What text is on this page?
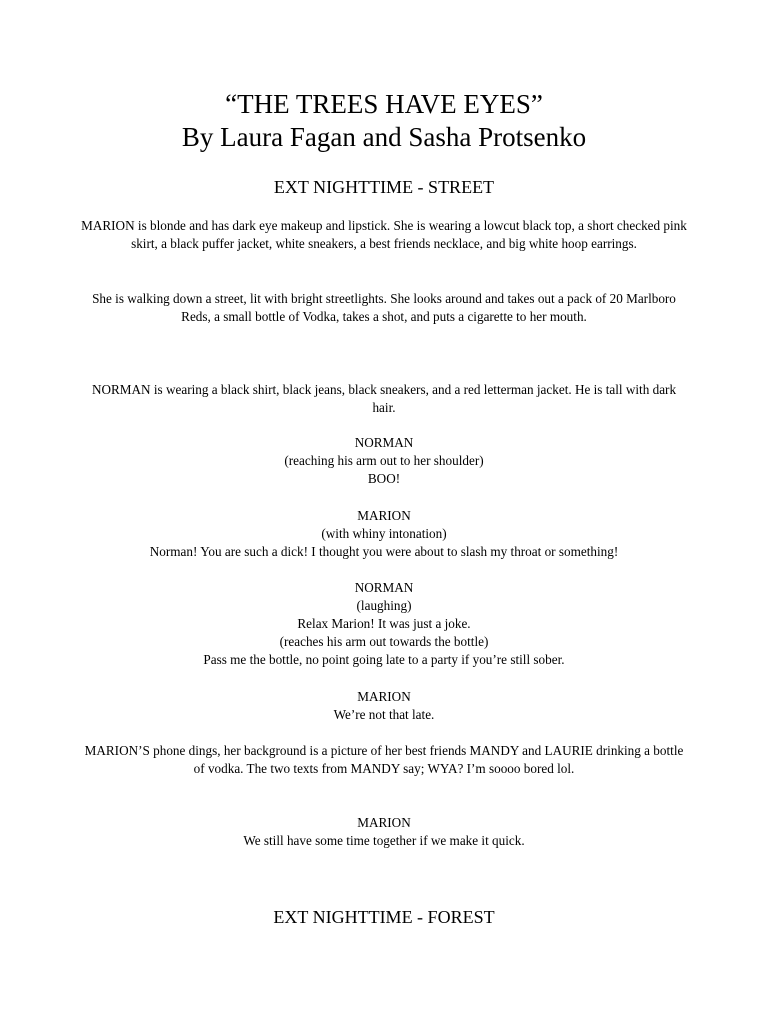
“THE TREES HAVE EYES”
By Laura Fagan and Sasha Protsenko
EXT NIGHTTIME - STREET

MARION is blonde and has dark eye makeup and lipstick. She is wearing a lowcut black top, a short checked pink skirt, a black puffer jacket, white sneakers, a best friends necklace, and big white hoop earrings.

She is walking down a street, lit with bright streetlights. She looks around and takes out a pack of 20 Marlboro Reds, a small bottle of Vodka, takes a shot, and puts a cigarette to her mouth.

NORMAN is wearing a black shirt, black jeans, black sneakers, and a red letterman jacket. He is tall with dark hair.

NORMAN
(reaching his arm out to her shoulder)
BOO!
MARION
(with whiny intonation)
Norman! You are such a dick! I thought you were about to slash my throat or something!
NORMAN
(laughing)
Relax Marion! It was just a joke.
(reaches his arm out towards the bottle)
Pass me the bottle, no point going late to a party if you’re still sober.
MARION
We’re not that late.

MARION’S phone dings, her background is a picture of her best friends MANDY and LAURIE drinking a bottle of vodka. The two texts from MANDY say; WYA? I’m soooo bored lol.

MARION
We still have some time together if we make it quick.
EXT NIGHTTIME - FOREST
